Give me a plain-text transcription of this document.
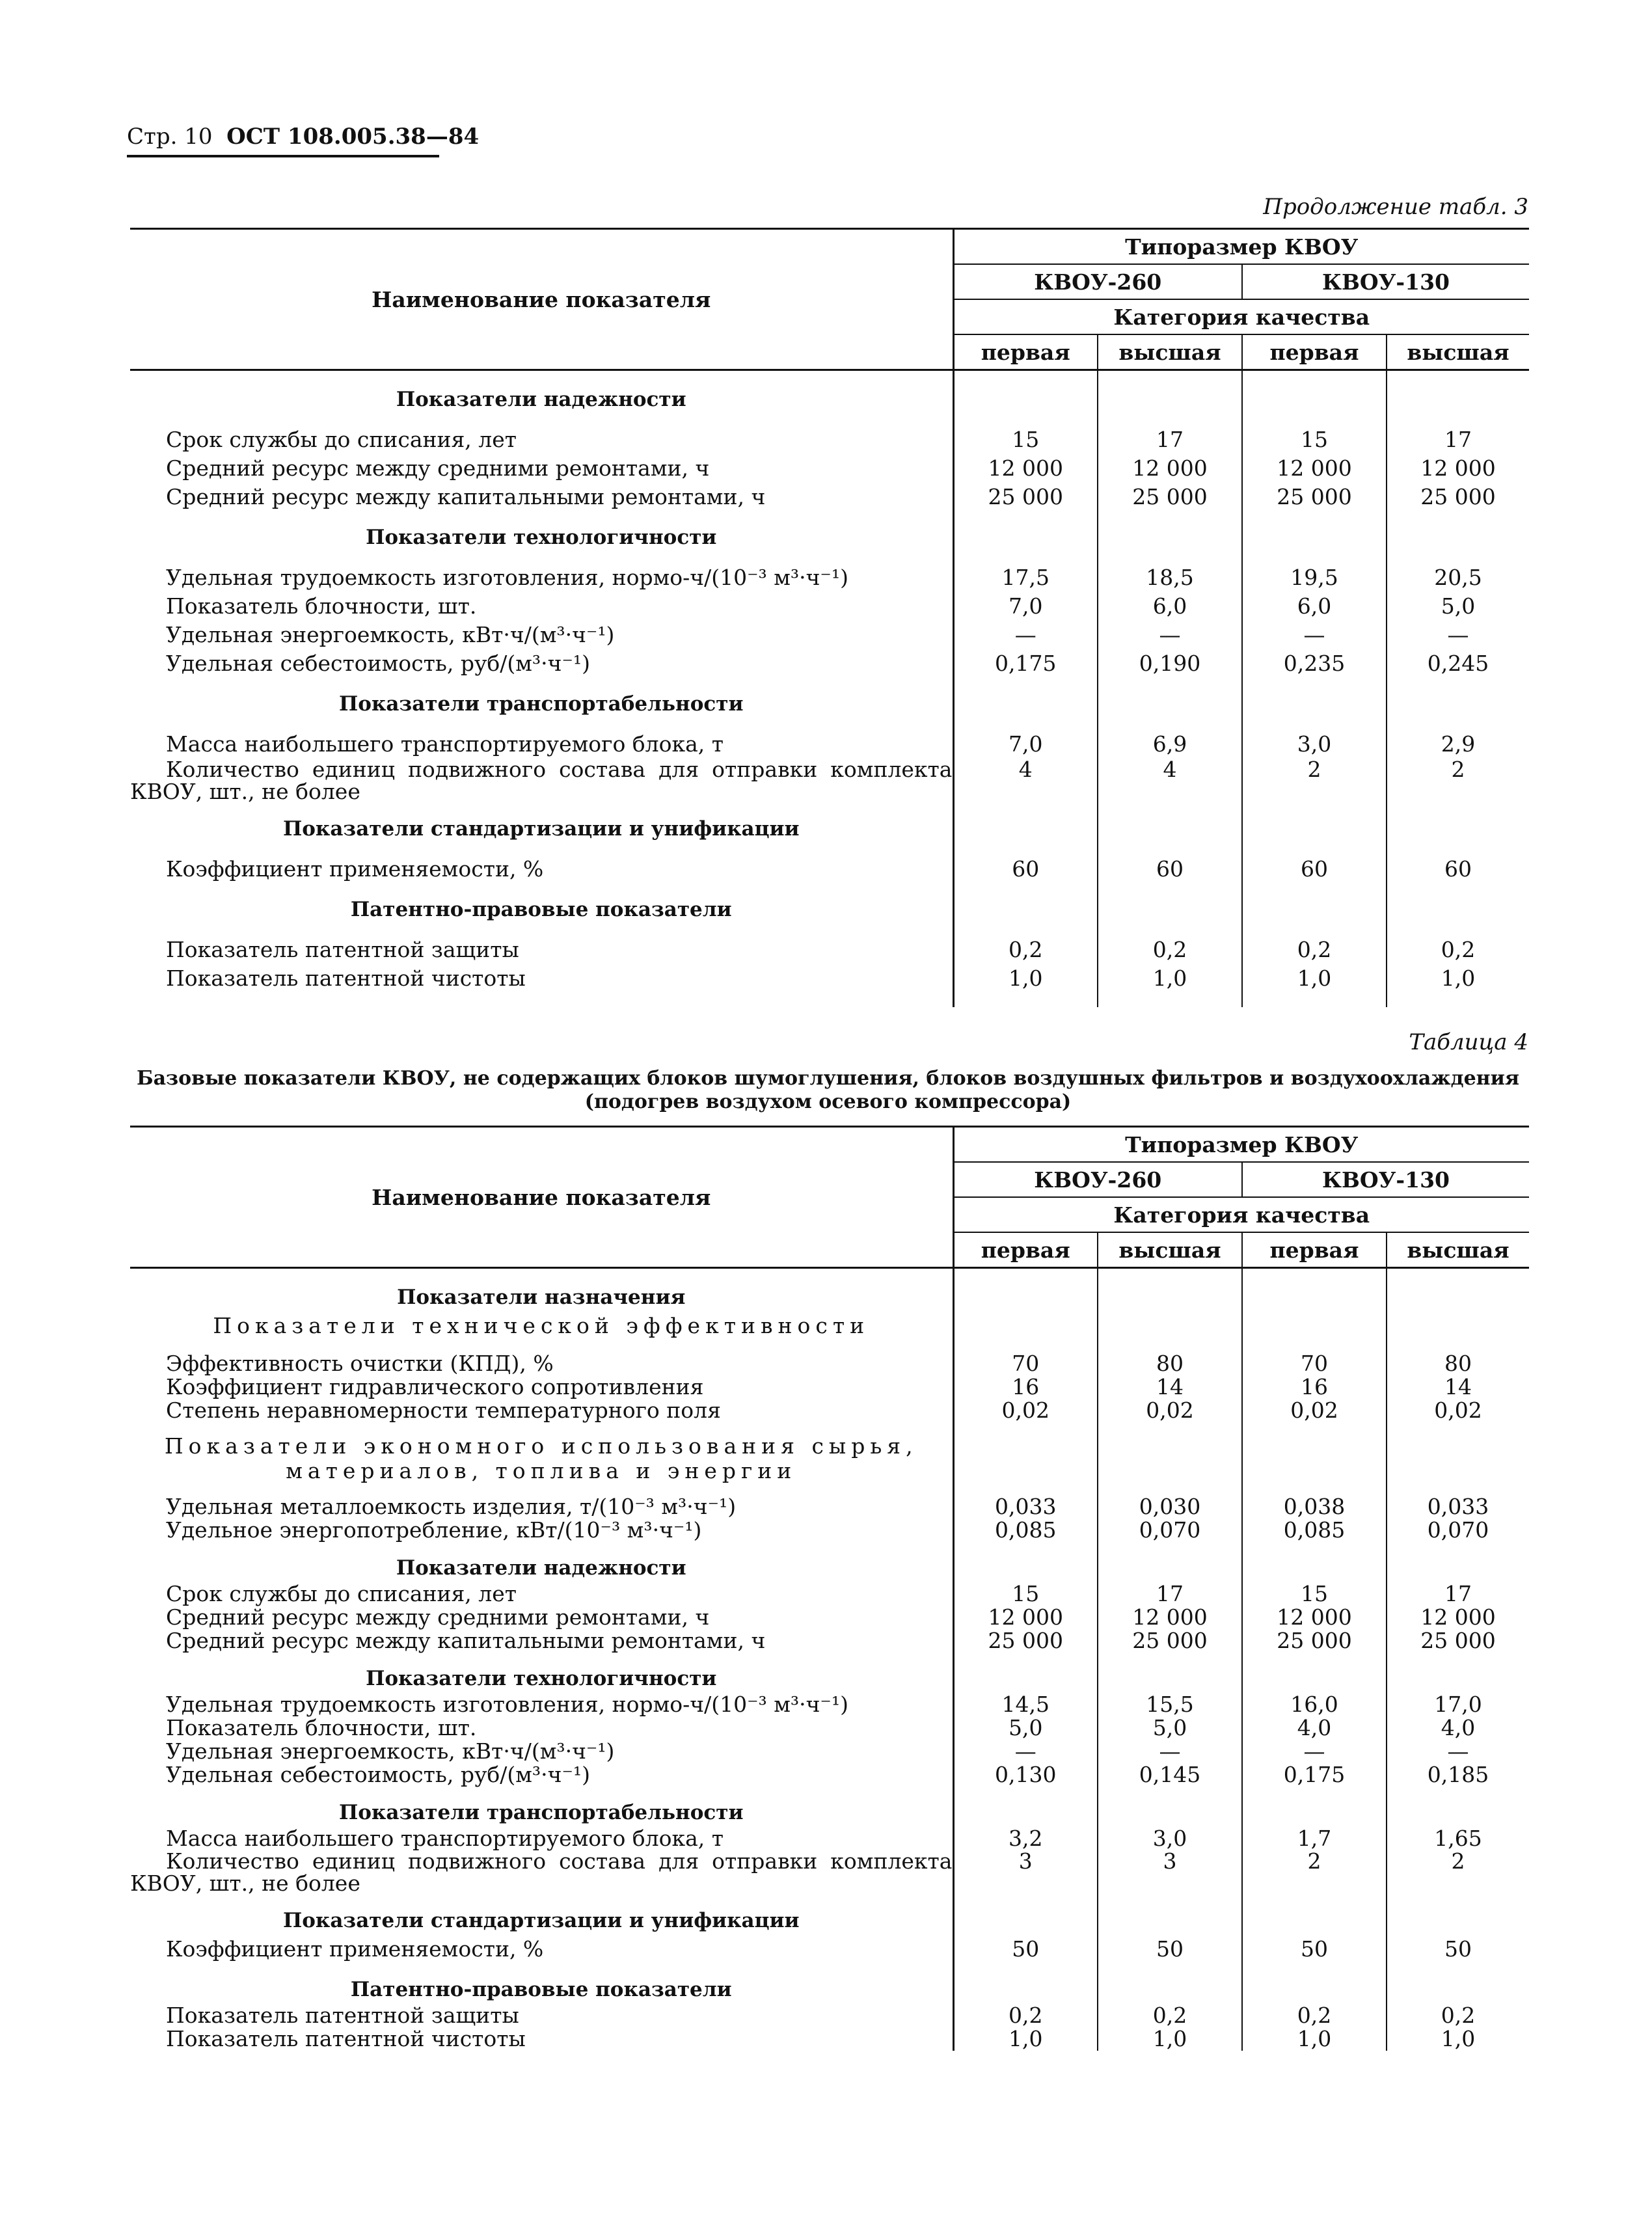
Стр. 10 ОСТ 108.005.38—84
Продолжение табл. 3
Наименование показателя	Типоразмер КВОУ			
	КВОУ-260		КВОУ-130	
	Категория качества			
	первая	высшая	первая	высшая

Показатели надежности				

Срок службы до списания, лет	15	17	15	17
Средний ресурс между средними ремонтами, ч	12 000	12 000	12 000	12 000
Средний ресурс между капитальными ремонтами, ч	25 000	25 000	25 000	25 000

Показатели технологичности				

Удельная трудоемкость изготовления, нормо-ч/(10⁻³ м³·ч⁻¹)	17,5	18,5	19,5	20,5
Показатель блочности, шт.	7,0	6,0	6,0	5,0
Удельная энергоемкость, кВт·ч/(м³·ч⁻¹)	—	—	—	—
Удельная себестоимость, руб/(м³·ч⁻¹)	0,175	0,190	0,235	0,245

Показатели транспортабельности				

Масса наибольшего транспортируемого блока, т	7,0	6,9	3,0	2,9
Количество единиц подвижного состава для отправки комплекта КВОУ, шт., не более	4	4	2	2

Показатели стандартизации и унификации				

Коэффициент применяемости, %	60	60	60	60

Патентно-правовые показатели				

Показатель патентной защиты	0,2	0,2	0,2	0,2
Показатель патентной чистоты	1,0	1,0	1,0	1,0

Таблица 4
Базовые показатели КВОУ, не содержащих блоков шумоглушения, блоков воздушных фильтров и воздухоохлаждения
(подогрев воздухом осевого компрессора)
Наименование показателя	Типоразмер КВОУ			
	КВОУ-260		КВОУ-130	
	Категория качества			
	первая	высшая	первая	высшая

Показатели назначения				
Показатели технической эффективности				

Эффективность очистки (КПД), %	70	80	70	80
Коэффициент гидравлического сопротивления	16	14	16	14
Степень неравномерности температурного поля	0,02	0,02	0,02	0,02

Показатели экономного использования сырья,				
материалов, топлива и энергии				

Удельная металлоемкость изделия, т/(10⁻³ м³·ч⁻¹)	0,033	0,030	0,038	0,033
Удельное энергопотребление, кВт/(10⁻³ м³·ч⁻¹)	0,085	0,070	0,085	0,070

Показатели надежности				
Срок службы до списания, лет	15	17	15	17
Средний ресурс между средними ремонтами, ч	12 000	12 000	12 000	12 000
Средний ресурс между капитальными ремонтами, ч	25 000	25 000	25 000	25 000

Показатели технологичности				
Удельная трудоемкость изготовления, нормо-ч/(10⁻³ м³·ч⁻¹)	14,5	15,5	16,0	17,0
Показатель блочности, шт.	5,0	5,0	4,0	4,0
Удельная энергоемкость, кВт·ч/(м³·ч⁻¹)	—	—	—	—
Удельная себестоимость, руб/(м³·ч⁻¹)	0,130	0,145	0,175	0,185

Показатели транспортабельности				
Масса наибольшего транспортируемого блока, т	3,2	3,0	1,7	1,65
Количество единиц подвижного состава для отправки комплекта КВОУ, шт., не более	3	3	2	2

Показатели стандартизации и унификации				
Коэффициент применяемости, %	50	50	50	50

Патентно-правовые показатели				
Показатель патентной защиты	0,2	0,2	0,2	0,2
Показатель патентной чистоты	1,0	1,0	1,0	1,0
